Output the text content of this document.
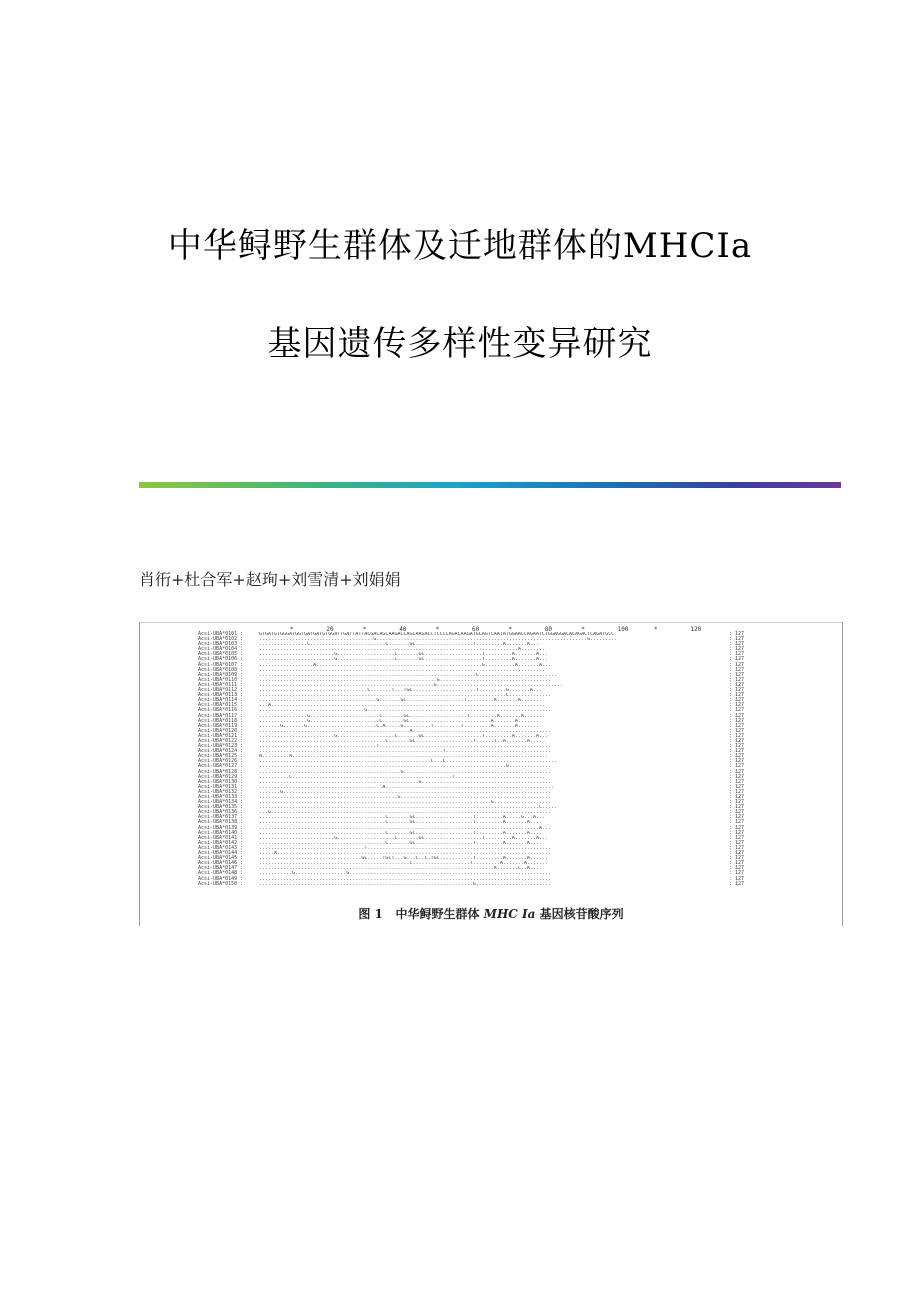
中华鲟野生群体及迁地群体的MHCⅠa
基因遗传多样性变异研究
肖衎+杜合军+赵珣+刘雪清+刘娟娟
*	20	*	40	*	60	*	80	*	100	*	120
Acsi-UBA*0101 :	GTGATGTGGGATGGTGATGATGTGGATTGATTATTACGACAGCAAGACCAGCAAGACCTCCCCAGACAAGATGCAGTCAATATGGAACCAGAATCTGGAGGACACAGACTCAGATGCC	: 127
Acsi-UBA*0102 :	......................................G......................................................................G.........	: 127
Acsi-UBA*0103 :	................C.........................C.......GC...................T.........A.......A...	: 127
Acsi-UBA*0104 :	......................................................................................A........	: 127
Acsi-UBA*0105 :	.........................G...................C.......GC...................T.........A.......A...	: 127
Acsi-UBA*0106 :	.........................G...................C.......GC...................T.........A.......A...	: 127
Acsi-UBA*0107 :	..................A.......................................................G..........A.......A...	: 127
Acsi-UBA*0108 :	...............................................................................................	: 127
Acsi-UBA*0109 :	........................................................................C..........................	: 127
Acsi-UBA*0110 :	...........................................................G.....................................	: 127
Acsi-UBA*0111 :	..........................................................G..........................................	: 127
Acsi-UBA*0112 :	....................................C.......T...TGC.....................T.........G.......A...	: 127
Acsi-UBA*0113 :	..................................................................................C..............	: 127
Acsi-UBA*0114 :	.......................................G.......GC...................T.........A.......A.......	: 127
Acsi-UBA*0115 :	...A...........................................................................................	: 127
Acsi-UBA*0116 :	...................................G.............................................................	: 127
Acsi-UBA*0117 :	................G.......................C.......GC...................T.........A.......A.......	: 127
Acsi-UBA*0118 :	................G.......................C.......GC...........................A.......A.......	: 127
Acsi-UBA*0119 :	.......G.......G.......................C.A.....G.........T.........T.........A.......A.......	: 127
Acsi-UBA*0120 :	..................................................A..............................................	: 127
Acsi-UBA*0121 :	.........................G...................C.......GC...................T.........A.......A...	: 127
Acsi-UBA*0122 :	..........................................C.......GC...................T......T..A.......A....	: 127
Acsi-UBA*0123 :	.......................................T.........................................................	: 127
Acsi-UBA*0124 :	.............................................................T...................................	: 127
Acsi-UBA*0125 :	A.........A.....................................................................................	: 127
Acsi-UBA*0126 :	.........................................................C...C.....................................	: 127
Acsi-UBA*0127 :	..................................................................................G..............	: 127
Acsi-UBA*0128 :	...............................................G.................................................	: 127
Acsi-UBA*0129 :	..........C.....................................................T..............................	: 127
Acsi-UBA*0130 :	.....................................................G...........................................	: 127
Acsi-UBA*0131 :	.........................................A........................................................	: 127
Acsi-UBA*0132 :	.......G.........................................................................................	: 127
Acsi-UBA*0133 :	..............................................G..................................................	: 127
Acsi-UBA*0134 :	.............................................................................G...................	: 127
Acsi-UBA*0135 :	.............................................................................................C.....	: 127
Acsi-UBA*0136 :	...G.............................................................................................	: 127
Acsi-UBA*0137 :	..........................................C.......GC...................T.........A.....G...A...	: 127
Acsi-UBA*0138 :	..........................................C.......GC...................T.........A.......A....	: 127
Acsi-UBA*0139 :	.............................................................................................A...	: 127
Acsi-UBA*0140 :	..........................................C.......GC...................T.........A.......A....	: 127
Acsi-UBA*0141 :	.........................G...................C.......GC...................T.........A.......A...	: 127
Acsi-UBA*0142 :	..........................................C.......GC...................T.........A.......A....	: 127
Acsi-UBA*0143 :	...................................T.............................................................	: 127
Acsi-UBA*0144 :	.....A...........................................................................................	: 127
Acsi-UBA*0145 :	..................................GC.....TGCT...G...C..C.TGC...........T.........A.......A......	: 127
Acsi-UBA*0146 :	..................................................C...................T.........A.......A.......	: 127
Acsi-UBA*0147 :	..............................................................................A.......C..A....	: 127
Acsi-UBA*0148 :	...........G.................G...................................................................	: 127
Acsi-UBA*0149 :	.................................................................................................	: 127
Acsi-UBA*0150 :	.......................................................................G.........................	: 127
图 1 中华鲟野生群体 MHC Ⅰa 基因核苷酸序列
